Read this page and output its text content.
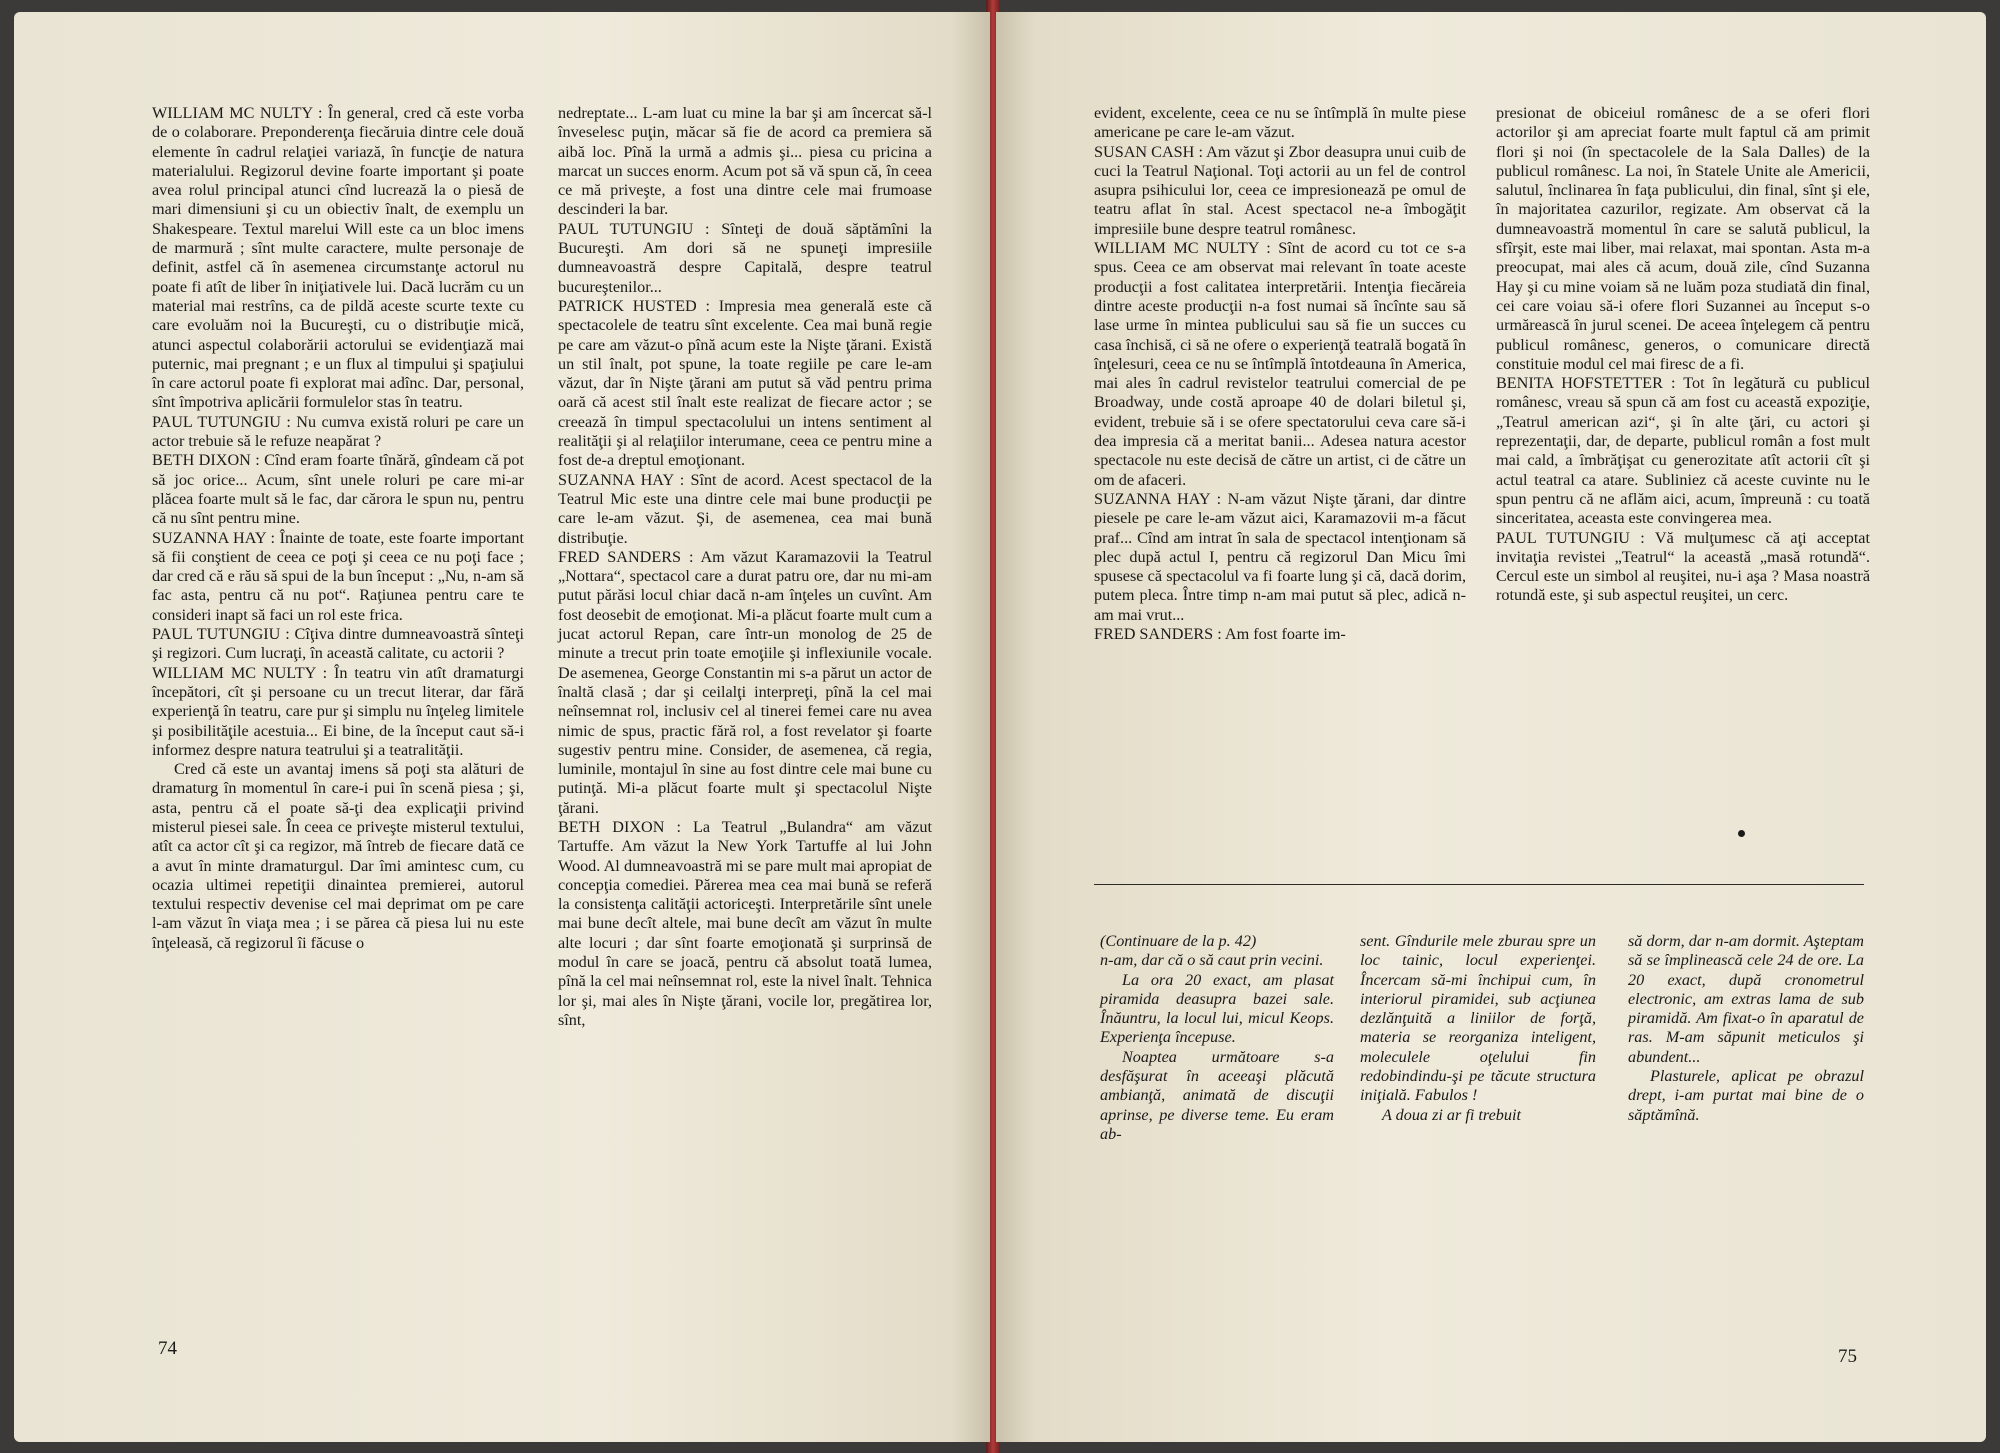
WILLIAM MC NULTY : În general, cred că este vorba de o colaborare. Preponderenţa fiecăruia dintre cele două elemente în cadrul relaţiei variază, în funcţie de natura materialului. Regizorul devine foarte important şi poate avea rolul principal atunci cînd lucrează la o piesă de mari dimensiuni şi cu un obiectiv înalt, de exemplu un Shakespeare. Textul marelui Will este ca un bloc imens de marmură ; sînt multe caractere, multe personaje de definit, astfel că în asemenea circumstanţe actorul nu poate fi atît de liber în iniţiativele lui. Dacă lucrăm cu un material mai restrîns, ca de pildă aceste scurte texte cu care evoluăm noi la Bucureşti, cu o distribuţie mică, atunci aspectul colaborării actorului se evidenţiază mai puternic, mai pregnant ; e un flux al timpului şi spaţiului în care actorul poate fi explorat mai adînc. Dar, personal, sînt împotriva aplicării formulelor stas în teatru.

PAUL TUTUNGIU : Nu cumva există roluri pe care un actor trebuie să le refuze neapărat ?

BETH DIXON : Cînd eram foarte tînără, gîndeam că pot să joc orice... Acum, sînt unele roluri pe care mi-ar plăcea foarte mult să le fac, dar cărora le spun nu, pentru că nu sînt pentru mine.

SUZANNA HAY : Înainte de toate, este foarte important să fii conştient de ceea ce poţi şi ceea ce nu poţi face ; dar cred că e rău să spui de la bun început : „Nu, n-am să fac asta, pentru că nu pot“. Raţiunea pentru care te consideri inapt să faci un rol este frica.

PAUL TUTUNGIU : Cîţiva dintre dumneavoastră sînteţi şi regizori. Cum lucraţi, în această calitate, cu actorii ?

WILLIAM MC NULTY : În teatru vin atît dramaturgi începători, cît şi persoane cu un trecut literar, dar fără experienţă în teatru, care pur şi simplu nu înţeleg limitele şi posibilităţile acestuia... Ei bine, de la început caut să-i informez despre natura teatrului şi a teatralităţii.

Cred că este un avantaj imens să poţi sta alături de dramaturg în momentul în care-i pui în scenă piesa ; şi, asta, pentru că el poate să-ţi dea explicaţii privind misterul piesei sale. În ceea ce priveşte misterul textului, atît ca actor cît şi ca regizor, mă întreb de fiecare dată ce a avut în minte dramaturgul. Dar îmi amintesc cum, cu ocazia ultimei repetiţii dinaintea premierei, autorul textului respectiv devenise cel mai deprimat om pe care l-am văzut în viaţa mea ; i se părea că piesa lui nu este înţeleasă, că regizorul îi făcuse o

nedreptate... L-am luat cu mine la bar şi am încercat să-l înveselesc puţin, măcar să fie de acord ca premiera să aibă loc. Pînă la urmă a admis şi... piesa cu pricina a marcat un succes enorm. Acum pot să vă spun că, în ceea ce mă priveşte, a fost una dintre cele mai frumoase descinderi la bar.

PAUL TUTUNGIU : Sînteţi de două săptămîni la Bucureşti. Am dori să ne spuneţi impresiile dumneavoastră despre Capitală, despre teatrul bucureştenilor...

PATRICK HUSTED : Impresia mea generală este că spectacolele de teatru sînt excelente. Cea mai bună regie pe care am văzut-o pînă acum este la Nişte ţărani. Există un stil înalt, pot spune, la toate regiile pe care le-am văzut, dar în Nişte ţărani am putut să văd pentru prima oară că acest stil înalt este realizat de fiecare actor ; se creează în timpul spectacolului un intens sentiment al realităţii şi al relaţiilor interumane, ceea ce pentru mine a fost de-a dreptul emoţionant.

SUZANNA HAY : Sînt de acord. Acest spectacol de la Teatrul Mic este una dintre cele mai bune producţii pe care le-am văzut. Şi, de asemenea, cea mai bună distribuţie.

FRED SANDERS : Am văzut Karamazovii la Teatrul „Nottara“, spectacol care a durat patru ore, dar nu mi-am putut părăsi locul chiar dacă n-am înţeles un cuvînt. Am fost deosebit de emoţionat. Mi-a plăcut foarte mult cum a jucat actorul Repan, care într-un monolog de 25 de minute a trecut prin toate emoţiile şi inflexiunile vocale. De asemenea, George Constantin mi s-a părut un actor de înaltă clasă ; dar şi ceilalţi interpreţi, pînă la cel mai neînsemnat rol, inclusiv cel al tinerei femei care nu avea nimic de spus, practic fără rol, a fost revelator şi foarte sugestiv pentru mine. Consider, de asemenea, că regia, luminile, montajul în sine au fost dintre cele mai bune cu putinţă. Mi-a plăcut foarte mult şi spectacolul Nişte ţărani.

BETH DIXON : La Teatrul „Bulandra“ am văzut Tartuffe. Am văzut la New York Tartuffe al lui John Wood. Al dumneavoastră mi se pare mult mai apropiat de concepţia comediei. Părerea mea cea mai bună se referă la consistenţa calităţii actoriceşti. Interpretările sînt unele mai bune decît altele, mai bune decît am văzut în multe alte locuri ; dar sînt foarte emoţionată şi surprinsă de modul în care se joacă, pentru că absolut toată lumea, pînă la cel mai neînsemnat rol, este la nivel înalt. Tehnica lor şi, mai ales în Nişte ţărani, vocile lor, pregătirea lor, sînt,

74

evident, excelente, ceea ce nu se întîmplă în multe piese americane pe care le-am văzut.

SUSAN CASH : Am văzut şi Zbor deasupra unui cuib de cuci la Teatrul Naţional. Toţi actorii au un fel de control asupra psihicului lor, ceea ce impresionează pe omul de teatru aflat în stal. Acest spectacol ne-a îmbogăţit impresiile bune despre teatrul românesc.

WILLIAM MC NULTY : Sînt de acord cu tot ce s-a spus. Ceea ce am observat mai relevant în toate aceste producţii a fost calitatea interpretării. Intenţia fiecăreia dintre aceste producţii n-a fost numai să încînte sau să lase urme în mintea publicului sau să fie un succes cu casa închisă, ci să ne ofere o experienţă teatrală bogată în înţelesuri, ceea ce nu se întîmplă întotdeauna în America, mai ales în cadrul revistelor teatrului comercial de pe Broadway, unde costă aproape 40 de dolari biletul şi, evident, trebuie să i se ofere spectatorului ceva care să-i dea impresia că a meritat banii... Adesea natura acestor spectacole nu este decisă de către un artist, ci de către un om de afaceri.

SUZANNA HAY : N-am văzut Nişte ţărani, dar dintre piesele pe care le-am văzut aici, Karamazovii m-a făcut praf... Cînd am intrat în sala de spectacol intenţionam să plec după actul I, pentru că regizorul Dan Micu îmi spusese că spectacolul va fi foarte lung şi că, dacă dorim, putem pleca. Între timp n-am mai putut să plec, adică n-am mai vrut...

FRED SANDERS : Am fost foarte im-

presionat de obiceiul românesc de a se oferi flori actorilor şi am apreciat foarte mult faptul că am primit flori şi noi (în spectacolele de la Sala Dalles) de la publicul românesc. La noi, în Statele Unite ale Americii, salutul, înclinarea în faţa publicului, din final, sînt şi ele, în majoritatea cazurilor, regizate. Am observat că la dumneavoastră momentul în care se salută publicul, la sfîrşit, este mai liber, mai relaxat, mai spontan. Asta m-a preocupat, mai ales că acum, două zile, cînd Suzanna Hay şi cu mine voiam să ne luăm poza studiată din final, cei care voiau să-i ofere flori Suzannei au început s-o urmărească în jurul scenei. De aceea înţelegem că pentru publicul românesc, generos, o comunicare directă constituie modul cel mai firesc de a fi.

BENITA HOFSTETTER : Tot în legătură cu publicul românesc, vreau să spun că am fost cu această expoziţie, „Teatrul american azi“, şi în alte ţări, cu actori şi reprezentaţii, dar, de departe, publicul român a fost mult mai cald, a îmbrăţişat cu generozitate atît actorii cît şi actul teatral ca atare. Subliniez că aceste cuvinte nu le spun pentru că ne aflăm aici, acum, împreună : cu toată sinceritatea, aceasta este convingerea mea.

PAUL TUTUNGIU : Vă mulţumesc că aţi acceptat invitaţia revistei „Teatrul“ la această „masă rotundă“. Cercul este un simbol al reuşitei, nu-i aşa ? Masa noastră rotundă este, şi sub aspectul reuşitei, un cerc.

(Continuare de la p. 42)

n-am, dar că o să caut prin vecini.

La ora 20 exact, am plasat piramida deasupra bazei sale. Înăuntru, la locul lui, micul Keops. Experienţa începuse.

Noaptea următoare s-a desfăşurat în aceeaşi plăcută ambianţă, animată de discuţii aprinse, pe diverse teme. Eu eram ab-

sent. Gîndurile mele zburau spre un loc tainic, locul experienţei. Încercam să-mi închipui cum, în interiorul piramidei, sub acţiunea dezlănţuită a liniilor de forţă, materia se reorganiza inteligent, moleculele oţelului fin redobindindu-şi pe tăcute structura iniţială. Fabulos !

A doua zi ar fi trebuit

să dorm, dar n-am dormit. Aşteptam să se împlinească cele 24 de ore. La 20 exact, după cronometrul electronic, am extras lama de sub piramidă. Am fixat-o în aparatul de ras. M-am săpunit meticulos şi abundent...

Plasturele, aplicat pe obrazul drept, i-am purtat mai bine de o săptămînă.

75
